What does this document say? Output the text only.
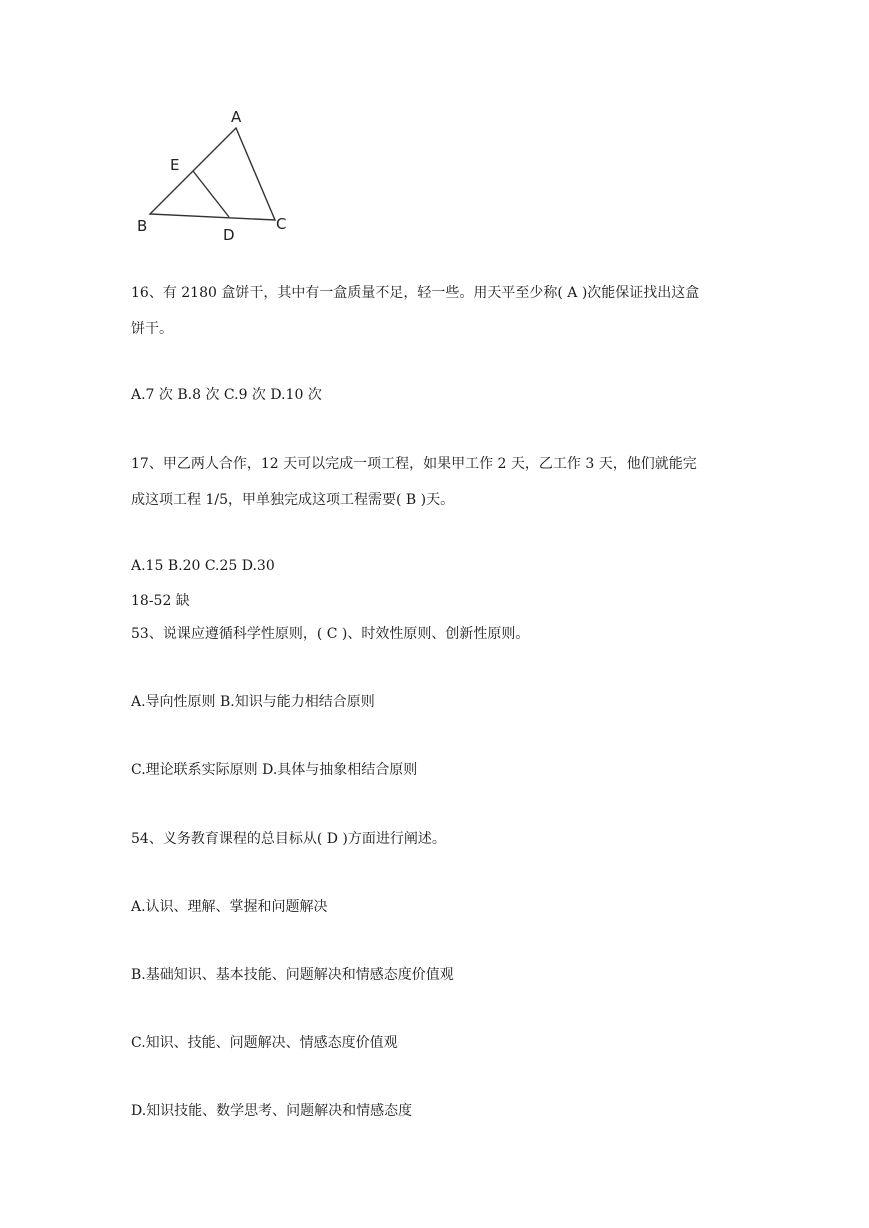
A
B	C
D
E
16、有 2180 盒饼干，其中有一盒质量不足，轻一些。用天平至少称( A )次能保证找出这盒
饼干。
A.7 次 B.8 次 C.9 次 D.10 次
17、甲乙两人合作，12 天可以完成一项工程，如果甲工作 2 天，乙工作 3 天，他们就能完
成这项工程 1/5，甲单独完成这项工程需要( B )天。
A.15 B.20 C.25 D.30
18-52 缺
53、说课应遵循科学性原则，( C )、时效性原则、创新性原则。
A.导向性原则 B.知识与能力相结合原则
C.理论联系实际原则 D.具体与抽象相结合原则
54、义务教育课程的总目标从( D )方面进行阐述。
A.认识、理解、掌握和问题解决
B.基础知识、基本技能、问题解决和情感态度价值观
C.知识、技能、问题解决、情感态度价值观
D.知识技能、数学思考、问题解决和情感态度
